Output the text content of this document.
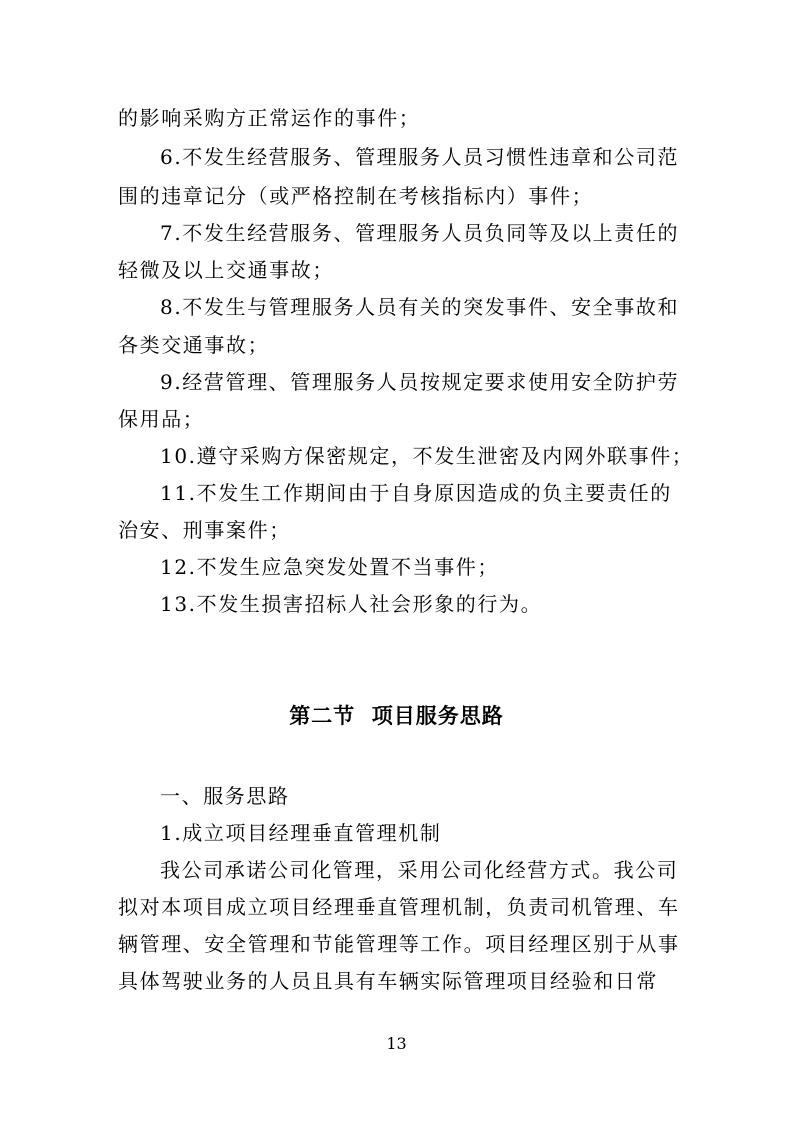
的影响采购方正常运作的事件；
6.不发生经营服务、管理服务人员习惯性违章和公司范
围的违章记分（或严格控制在考核指标内）事件；
7.不发生经营服务、管理服务人员负同等及以上责任的
轻微及以上交通事故；
8.不发生与管理服务人员有关的突发事件、安全事故和
各类交通事故；
9.经营管理、管理服务人员按规定要求使用安全防护劳
保用品；
10.遵守采购方保密规定，不发生泄密及内网外联事件；
11.不发生工作期间由于自身原因造成的负主要责任的
治安、刑事案件；
12.不发生应急突发处置不当事件；
13.不发生损害招标人社会形象的行为。
第二节  项目服务思路
一、服务思路
1.成立项目经理垂直管理机制
我公司承诺公司化管理，采用公司化经营方式。我公司
拟对本项目成立项目经理垂直管理机制，负责司机管理、车
辆管理、安全管理和节能管理等工作。项目经理区别于从事
具体驾驶业务的人员且具有车辆实际管理项目经验和日常
13
